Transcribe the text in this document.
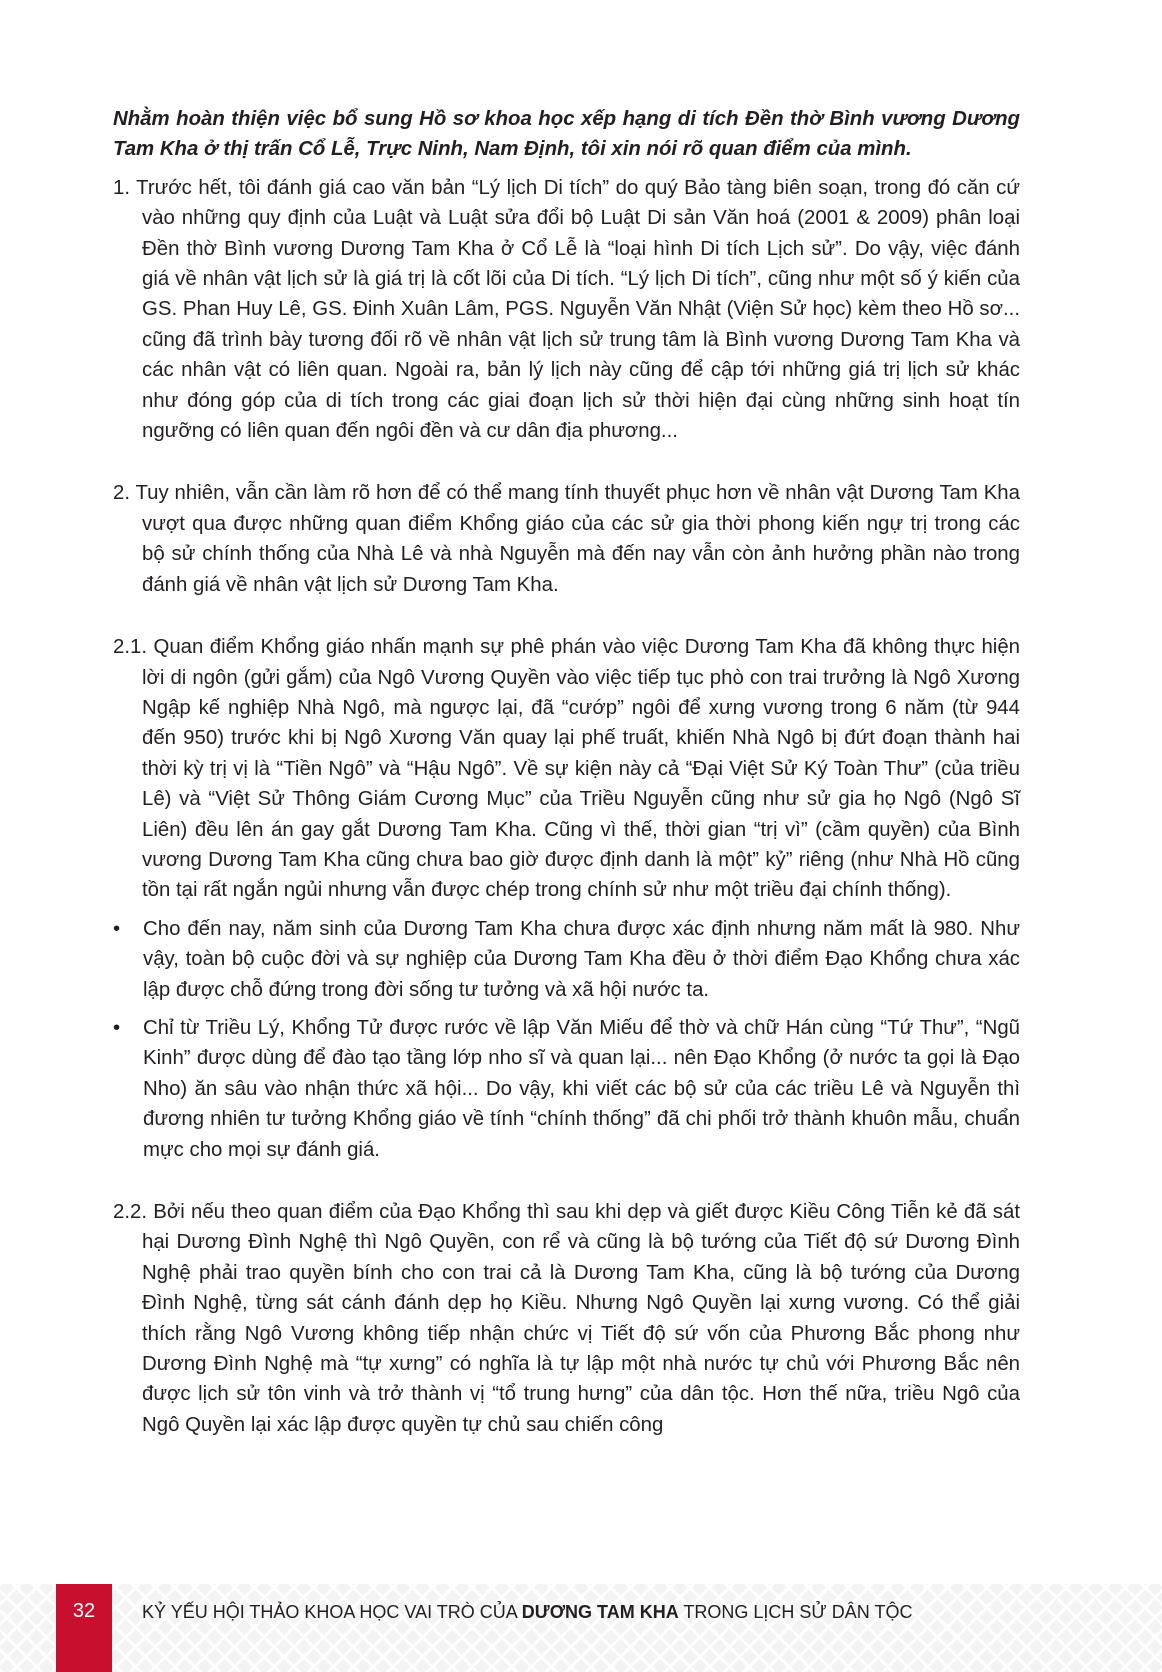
Nhằm hoàn thiện việc bổ sung Hồ sơ khoa học xếp hạng di tích Đền thờ Bình vương Dương Tam Kha ở thị trấn Cổ Lễ, Trực Ninh, Nam Định, tôi xin nói rõ quan điểm của mình.

1. Trước hết, tôi đánh giá cao văn bản “Lý lịch Di tích” do quý Bảo tàng biên soạn, trong đó căn cứ vào những quy định của Luật và Luật sửa đổi bộ Luật Di sản Văn hoá (2001 & 2009) phân loại Đền thờ Bình vương Dương Tam Kha ở Cổ Lễ là “loại hình Di tích Lịch sử”. Do vậy, việc đánh giá về nhân vật lịch sử là giá trị là cốt lõi của Di tích. “Lý lịch Di tích”, cũng như một số ý kiến của GS. Phan Huy Lê, GS. Đinh Xuân Lâm, PGS. Nguyễn Văn Nhật (Viện Sử học) kèm theo Hồ sơ... cũng đã trình bày tương đối rõ về nhân vật lịch sử trung tâm là Bình vương Dương Tam Kha và các nhân vật có liên quan. Ngoài ra, bản lý lịch này cũng để cập tới những giá trị lịch sử khác như đóng góp của di tích trong các giai đoạn lịch sử thời hiện đại cùng những sinh hoạt tín ngưỡng có liên quan đến ngôi đền và cư dân địa phương...

2. Tuy nhiên, vẫn cần làm rõ hơn để có thể mang tính thuyết phục hơn về nhân vật Dương Tam Kha vượt qua được những quan điểm Khổng giáo của các sử gia thời phong kiến ngự trị trong các bộ sử chính thống của Nhà Lê và nhà Nguyễn mà đến nay vẫn còn ảnh hưởng phần nào trong đánh giá về nhân vật lịch sử Dương Tam Kha.

2.1. Quan điểm Khổng giáo nhấn mạnh sự phê phán vào việc Dương Tam Kha đã không thực hiện lời di ngôn (gửi gắm) của Ngô Vương Quyền vào việc tiếp tục phò con trai trưởng là Ngô Xương Ngập kế nghiệp Nhà Ngô, mà ngược lại, đã “cướp” ngôi để xưng vương trong 6 năm (từ 944 đến 950) trước khi bị Ngô Xương Văn quay lại phế truất, khiến Nhà Ngô bị đứt đoạn thành hai thời kỳ trị vị là “Tiền Ngô” và “Hậu Ngô”. Về sự kiện này cả “Đại Việt Sử Ký Toàn Thư” (của triều Lê) và “Việt Sử Thông Giám Cương Mục” của Triều Nguyễn cũng như sử gia họ Ngô (Ngô Sĩ Liên) đều lên án gay gắt Dương Tam Kha. Cũng vì thế, thời gian “trị vì” (cầm quyền) của Bình vương Dương Tam Kha cũng chưa bao giờ được định danh là một” kỷ” riêng (như Nhà Hồ cũng tồn tại rất ngắn ngủi nhưng vẫn được chép trong chính sử như một triều đại chính thống).

•	Cho đến nay, năm sinh của Dương Tam Kha chưa được xác định nhưng năm mất là 980. Như vậy, toàn bộ cuộc đời và sự nghiệp của Dương Tam Kha đều ở thời điểm Đạo Khổng chưa xác lập được chỗ đứng trong đời sống tư tưởng và xã hội nước ta.
•	Chỉ từ Triều Lý, Khổng Tử được rước về lập Văn Miếu để thờ và chữ Hán cùng “Tứ Thư”, “Ngũ Kinh” được dùng để đào tạo tầng lớp nho sĩ và quan lại... nên Đạo Khổng (ở nước ta gọi là Đạo Nho) ăn sâu vào nhận thức xã hội... Do vậy, khi viết các bộ sử của các triều Lê và Nguyễn thì đương nhiên tư tưởng Khổng giáo về tính “chính thống” đã chi phối trở thành khuôn mẫu, chuẩn mực cho mọi sự đánh giá.

2.2. Bởi nếu theo quan điểm của Đạo Khổng thì sau khi dẹp và giết được Kiều Công Tiễn kẻ đã sát hại Dương Đình Nghệ thì Ngô Quyền, con rể và cũng là bộ tướng của Tiết độ sứ Dương Đình Nghệ phải trao quyền bính cho con trai cả là Dương Tam Kha, cũng là bộ tướng của Dương Đình Nghệ, từng sát cánh đánh dẹp họ Kiều. Nhưng Ngô Quyền lại xưng vương. Có thể giải thích rằng Ngô Vương không tiếp nhận chức vị Tiết độ sứ vốn của Phương Bắc phong như Dương Đình Nghệ mà “tự xưng” có nghĩa là tự lập một nhà nước tự chủ với Phương Bắc nên được lịch sử tôn vinh và trở thành vị “tổ trung hưng” của dân tộc. Hơn thế nữa, triều Ngô của Ngô Quyền lại xác lập được quyền tự chủ sau chiến công

32	KỶ YẾU HỘI THẢO KHOA HỌC VAI TRÒ CỦA DƯƠNG TAM KHA TRONG LỊCH SỬ DÂN TỘC
